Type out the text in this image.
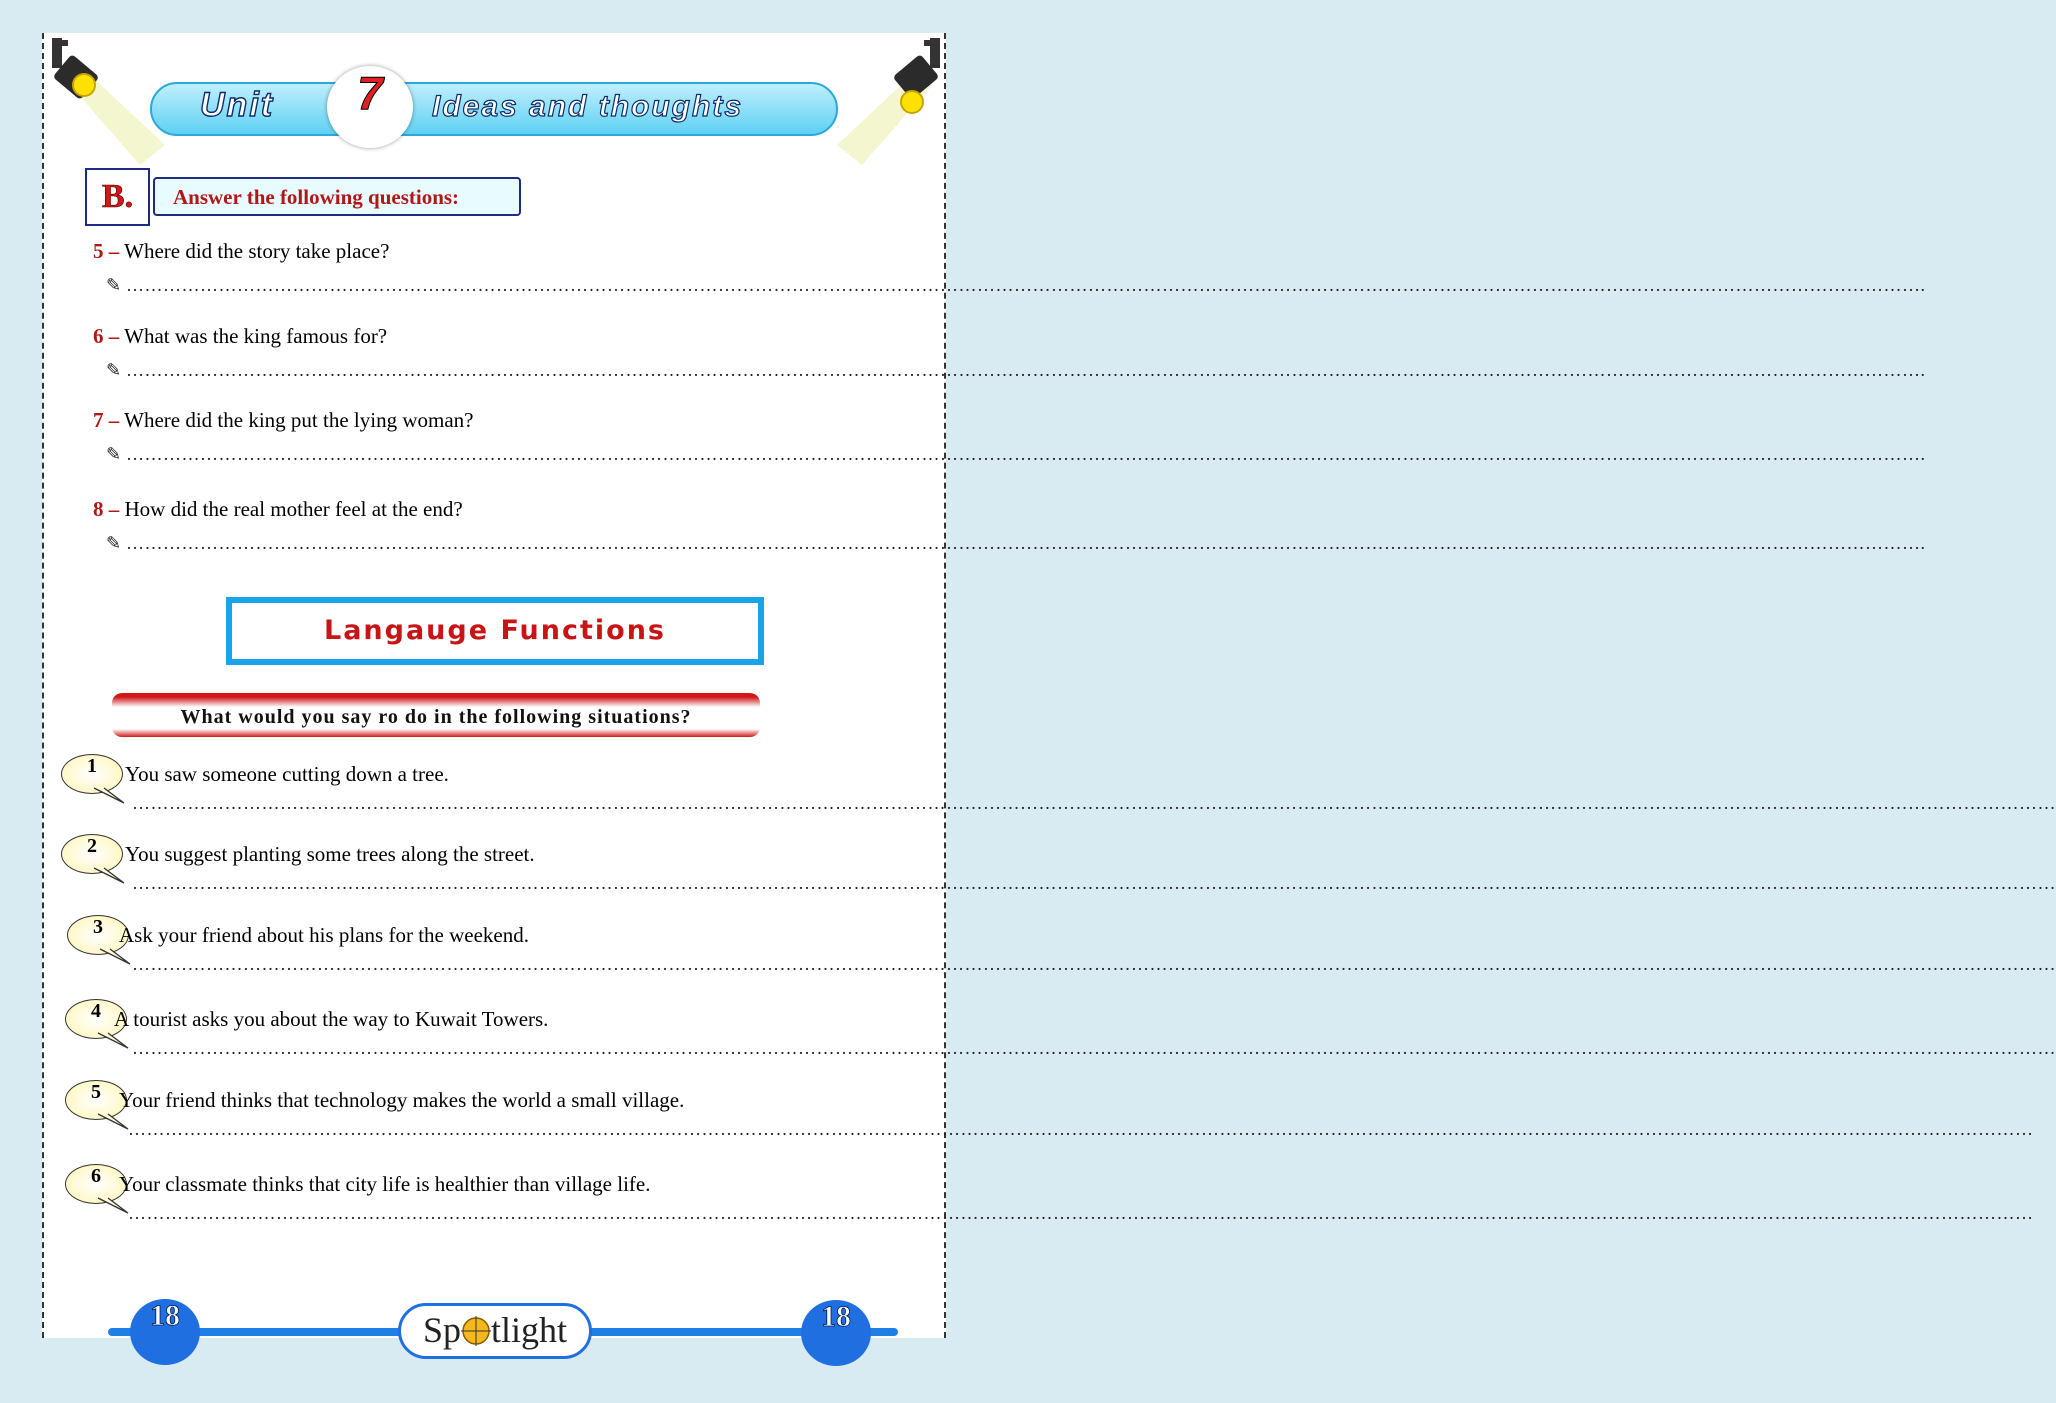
Unit	7	Ideas and thoughts
B.	Answer the following questions:
5 – Where did the story take place?
✎ ………………………………………………………………………………………………………………………………………………………………………………………………………………………………………………………………….
6 – What was the king famous for?
✎ ………………………………………………………………………………………………………………………………………………………………………………………………………………………………………………………………….
7 – Where did the king put the lying woman?
✎ ………………………………………………………………………………………………………………………………………………………………………………………………………………………………………………………………….
8 – How did the real mother feel at the end?
✎ ………………………………………………………………………………………………………………………………………………………………………………………………………………………………………………………………….
Langauge Functions
What would you say ro do in the following situations?
1	You saw someone cutting down a tree.
……………………………………………………………………………………………………………………………………………………………………………………………………………………………………………………………………………………
2	You suggest planting some trees along the street.
……………………………………………………………………………………………………………………………………………………………………………………………………………………………………………………………………………………
3 Ask your friend about his plans for the weekend.
……………………………………………………………………………………………………………………………………………………………………………………………………………………………………………………………………………………
4 A tourist asks you about the way to Kuwait Towers.
……………………………………………………………………………………………………………………………………………………………………………………………………………………………………………………………………………………
5 Your friend thinks that technology makes the world a small village.
…………………………………………………………………………………………………………………………………………………………………………………………………………………………………………………………………………………
6 Your classmate thinks that city life is healthier than village life.
…………………………………………………………………………………………………………………………………………………………………………………………………………………………………………………………………………………
18	18
Sp tlight
